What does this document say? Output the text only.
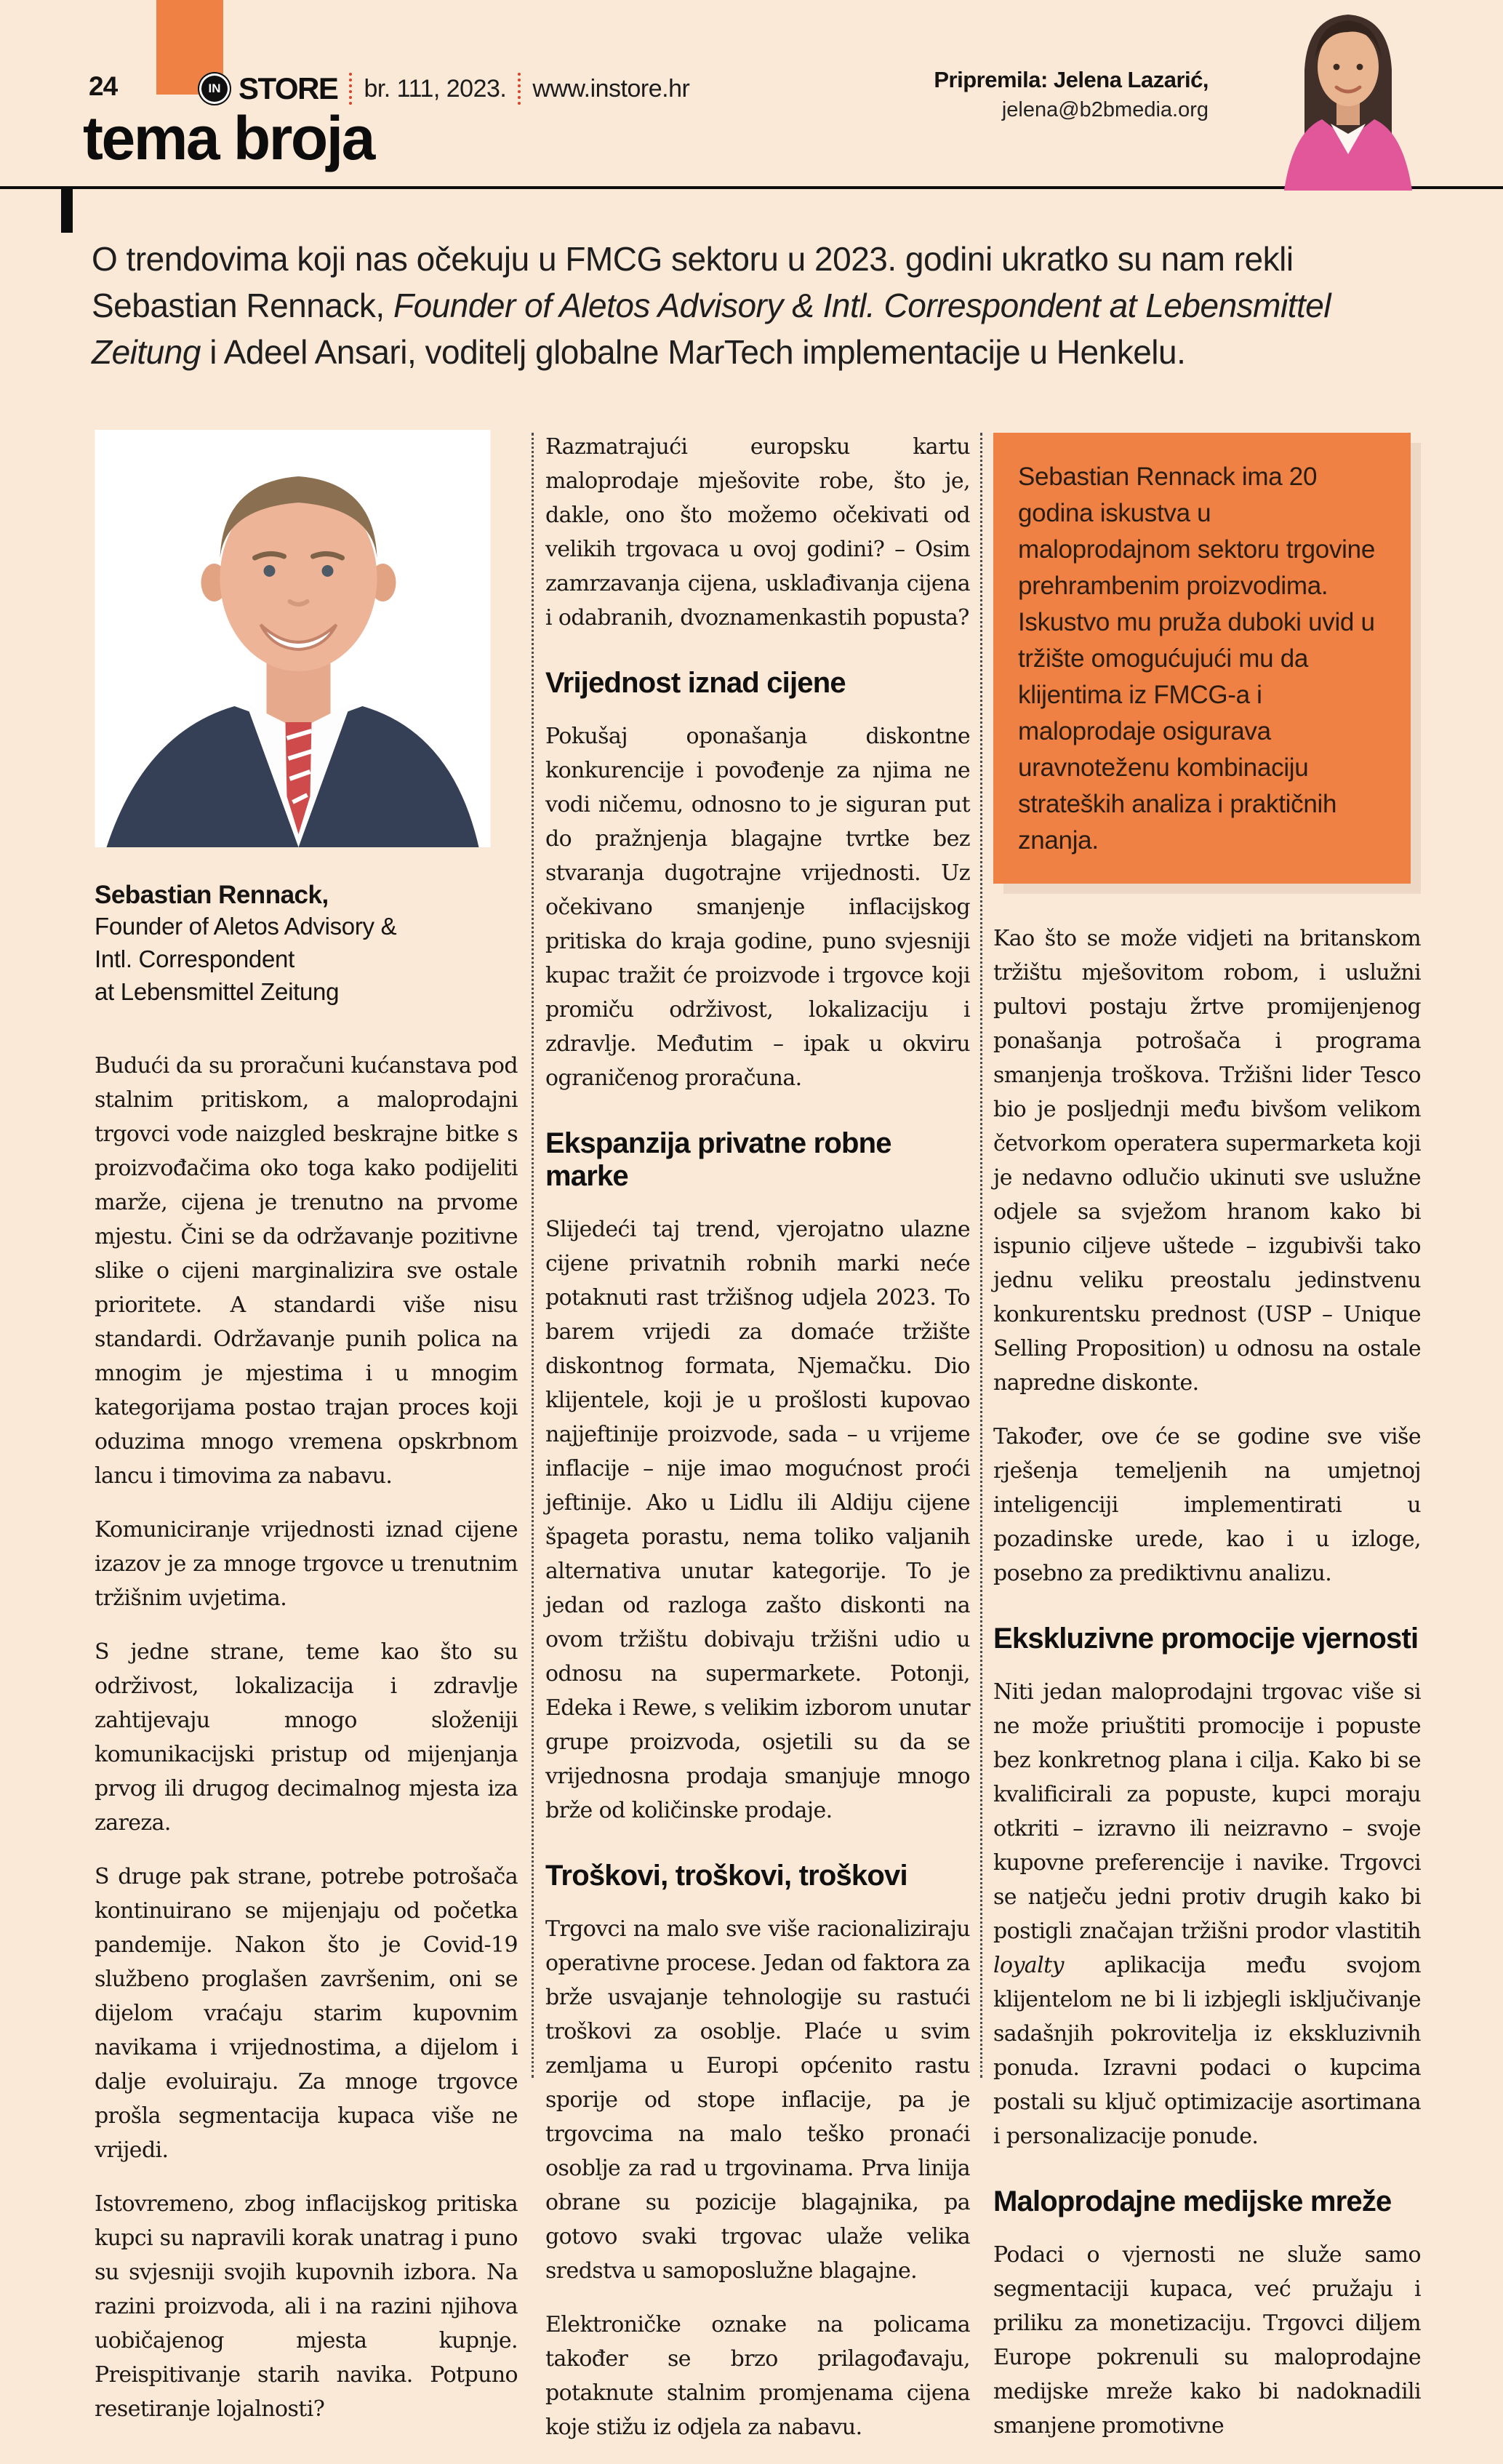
24	IN STORE br. 111, 2023. www.instore.hr	Pripremila: Jelena Lazarić,
jelena@b2bmedia.org
tema broja
O trendovima koji nas očekuju u FMCG sektoru u 2023. godini ukratko su nam rekli Sebastian Rennack, Founder of Aletos Advisory & Intl. Correspondent at Lebensmittel Zeitung i Adeel Ansari, voditelj globalne MarTech implementacije u Henkelu.
Sebastian Rennack,
Founder of Aletos Advisory &
Intl. Correspondent
at Lebensmittel Zeitung

Budući da su proračuni kućanstava pod stalnim pritiskom, a maloprodajni trgovci vode naizgled beskrajne bitke s proizvođačima oko toga kako podijeliti marže, cijena je trenutno na prvome mjestu. Čini se da održavanje pozitivne slike o cijeni marginalizira sve ostale prioritete. A standardi više nisu standardi. Održavanje punih polica na mnogim je mjestima i u mnogim kategorijama postao trajan proces koji oduzima mnogo vremena opskrbnom lancu i timovima za nabavu.

Komuniciranje vrijednosti iznad cijene izazov je za mnoge trgovce u trenutnim tržišnim uvjetima.

S jedne strane, teme kao što su održivost, lokalizacija i zdravlje zahtijevaju mnogo složeniji komunikacijski pristup od mijenjanja prvog ili drugog decimalnog mjesta iza zareza.

S druge pak strane, potrebe potrošača kontinuirano se mijenjaju od početka pandemije. Nakon što je Covid-19 službeno proglašen završenim, oni se dijelom vraćaju starim kupovnim navikama i vrijednostima, a dijelom i dalje evoluiraju. Za mnoge trgovce prošla segmentacija kupaca više ne vrijedi.

Istovremeno, zbog inflacijskog pritiska kupci su napravili korak unatrag i puno su svjesniji svojih kupovnih izbora. Na razini proizvoda, ali i na razini njihova uobičajenog mjesta kupnje. Preispitivanje starih navika. Potpuno resetiranje lojalnosti?

Razmatrajući europsku kartu maloprodaje mješovite robe, što je, dakle, ono što možemo očekivati od velikih trgovaca u ovoj godini? – Osim zamrzavanja cijena, usklađivanja cijena i odabranih, dvoznamenkastih popusta?

Vrijednost iznad cijene

Pokušaj oponašanja diskontne konkurencije i povođenje za njima ne vodi ničemu, odnosno to je siguran put do pražnjenja blagajne tvrtke bez stvaranja dugotrajne vrijednosti. Uz očekivano smanjenje inflacijskog pritiska do kraja godine, puno svjesniji kupac tražit će proizvode i trgovce koji promiču održivost, lokalizaciju i zdravlje. Međutim – ipak u okviru ograničenog proračuna.

Ekspanzija privatne robne marke

Slijedeći taj trend, vjerojatno ulazne cijene privatnih robnih marki neće potaknuti rast tržišnog udjela 2023. To barem vrijedi za domaće tržište diskontnog formata, Njemačku. Dio klijentele, koji je u prošlosti kupovao najjeftinije proizvode, sada – u vrijeme inflacije – nije imao mogućnost proći jeftinije. Ako u Lidlu ili Aldiju cijene špageta porastu, nema toliko valjanih alternativa unutar kategorije. To je jedan od razloga zašto diskonti na ovom tržištu dobivaju tržišni udio u odnosu na supermarkete. Potonji, Edeka i Rewe, s velikim izborom unutar grupe proizvoda, osjetili su da se vrijednosna prodaja smanjuje mnogo brže od količinske prodaje.

Troškovi, troškovi, troškovi

Trgovci na malo sve više racionaliziraju operativne procese. Jedan od faktora za brže usvajanje tehnologije su rastući troškovi za osoblje. Plaće u svim zemljama u Europi općenito rastu sporije od stope inflacije, pa je trgovcima na malo teško pronaći osoblje za rad u trgovinama. Prva linija obrane su pozicije blagajnika, pa gotovo svaki trgovac ulaže velika sredstva u samoposlužne blagajne.

Elektroničke oznake na policama također se brzo prilagođavaju, potaknute stalnim promjenama cijena koje stižu iz odjela za nabavu.

Sebastian Rennack ima 20 godina iskustva u maloprodajnom sektoru trgovine prehrambenim proizvodima. Iskustvo mu pruža duboki uvid u tržište omogućujući mu da klijentima iz FMCG-a i maloprodaje osigurava uravnoteženu kombinaciju strateških analiza i praktičnih znanja.

Kao što se može vidjeti na britanskom tržištu mješovitom robom, i uslužni pultovi postaju žrtve promijenjenog ponašanja potrošača i programa smanjenja troškova. Tržišni lider Tesco bio je posljednji među bivšom velikom četvorkom operatera supermarketa koji je nedavno odlučio ukinuti sve uslužne odjele sa svježom hranom kako bi ispunio ciljeve uštede – izgubivši tako jednu veliku preostalu jedinstvenu konkurentsku prednost (USP – Unique Selling Proposition) u odnosu na ostale napredne diskonte.

Također, ove će se godine sve više rješenja temeljenih na umjetnoj inteligenciji implementirati u pozadinske urede, kao i u izloge, posebno za prediktivnu analizu.

Ekskluzivne promocije vjernosti

Niti jedan maloprodajni trgovac više si ne može priuštiti promocije i popuste bez konkretnog plana i cilja. Kako bi se kvalificirali za popuste, kupci moraju otkriti – izravno ili neizravno – svoje kupovne preferencije i navike. Trgovci se natječu jedni protiv drugih kako bi postigli značajan tržišni prodor vlastitih loyalty aplikacija među svojom klijentelom ne bi li izbjegli isključivanje sadašnjih pokrovitelja iz ekskluzivnih ponuda. Izravni podaci o kupcima postali su ključ optimizacije asortimana i personalizacije ponude.

Maloprodajne medijske mreže

Podaci o vjernosti ne služe samo segmentaciji kupaca, već pružaju i priliku za monetizaciju. Trgovci diljem Europe pokrenuli su maloprodajne medijske mreže kako bi nadoknadili smanjene promotivne
